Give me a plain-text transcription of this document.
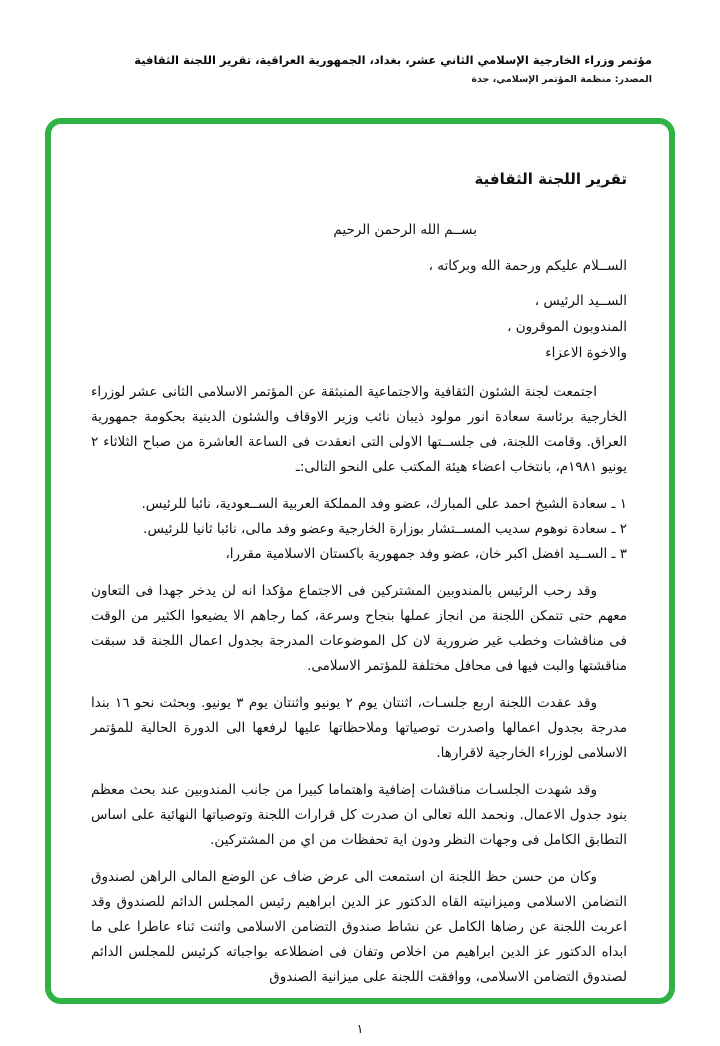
مؤتمر وزراء الخارجية الإسلامي الثاني عشر، بغداد، الجمهورية العراقية، تقرير اللجنة الثقافية
المصدر: منظمة المؤتمر الإسلامي، جدة
تقرير اللجنة الثقافية

بســم الله الرحمن الرحيم

الســلام عليكم ورحمة الله وبركاته ،

الســيد الرئيس ،

المندوبون الموقرون ،

والاخوة الاعزاء

اجتمعت لجنة الشئون الثقافية والاجتماعية المنبثقة عن المؤتمر الاسلامى الثانى عشر لوزراء الخارجية برئاسة سعادة انور مولود ذيبان نائب وزير الاوقاف والشئون الدينية بحكومة جمهورية العراق. وقامت اللجنة، فى جلســتها الاولى التى انعقدت فى الساعة العاشرة من صباح الثلاثاء ٢ يونيو ١٩٨١م، بانتخاب اعضاء هيئة المكتب على النحو التالى:ـ

١ ـ سعادة الشيخ احمد على المبارك، عضو وفد المملكة العربية الســعودية، نائبا للرئيس.

٢ ـ سعادة نوهوم سديب المســتشار بوزارة الخارجية وعضو وفد مالى، نائبا ثانيا للرئيس.

٣ ـ الســيد افضل اكبر خان، عضو وفد جمهورية باكستان الاسلامية مقررا،

وقد رحب الرئيس بالمندوبين المشتركين فى الاجتماع مؤكدا انه لن يدخر جهدا فى التعاون معهم حتى تتمكن اللجنة من انجاز عملها بنجاح وسرعة، كما رجاهم الا يضيعوا الكثير من الوقت فى مناقشات وخطب غير ضرورية لان كل الموضوعات المدرجة بجدول اعمال اللجنة قد سبقت مناقشتها والبت فيها فى محافل مختلفة للمؤتمر الاسلامى.

وقد عقدت اللجنة اربع جلسـات، اثنتان يوم ٢ يونيو واثنتان يوم ٣ يونيو. وبحثت نحو ١٦ بندا مدرجة بجدول اعمالها واصدرت توصياتها وملاحظاتها عليها لرفعها الى الدورة الحالية للمؤتمر الاسلامى لوزراء الخارجية لاقرارها.

وقد شهدت الجلسـات مناقشات إضافية واهتماما كبيرا من جانب المندوبين عند بحث معظم بنود جدول الاعمال. ونحمد الله تعالى ان صدرت كل قرارات اللجنة وتوصياتها النهائية على اساس التطابق الكامل فى وجهات النظر ودون اية تحفظات من اي من المشتركين.

وكان من حسن حظ اللجنة ان استمعت الى عرض ضاف عن الوضع المالى الراهن لصندوق التضامن الاسلامى وميزانيته القاه الدكتور عز الدين ابراهيم رئيس المجلس الدائم للصندوق وقد اعربت اللجنة عن رضاها الكامل عن نشاط صندوق التضامن الاسلامى واثنت ثناء عاطرا على ما ابداه الدكتور عز الدين ابراهيم من اخلاص وتفان فى اضطلاعه بواجباته كرئيس للمجلس الدائم لصندوق التضامن الاسلامى، ووافقت اللجنة على ميزانية الصندوق

١
